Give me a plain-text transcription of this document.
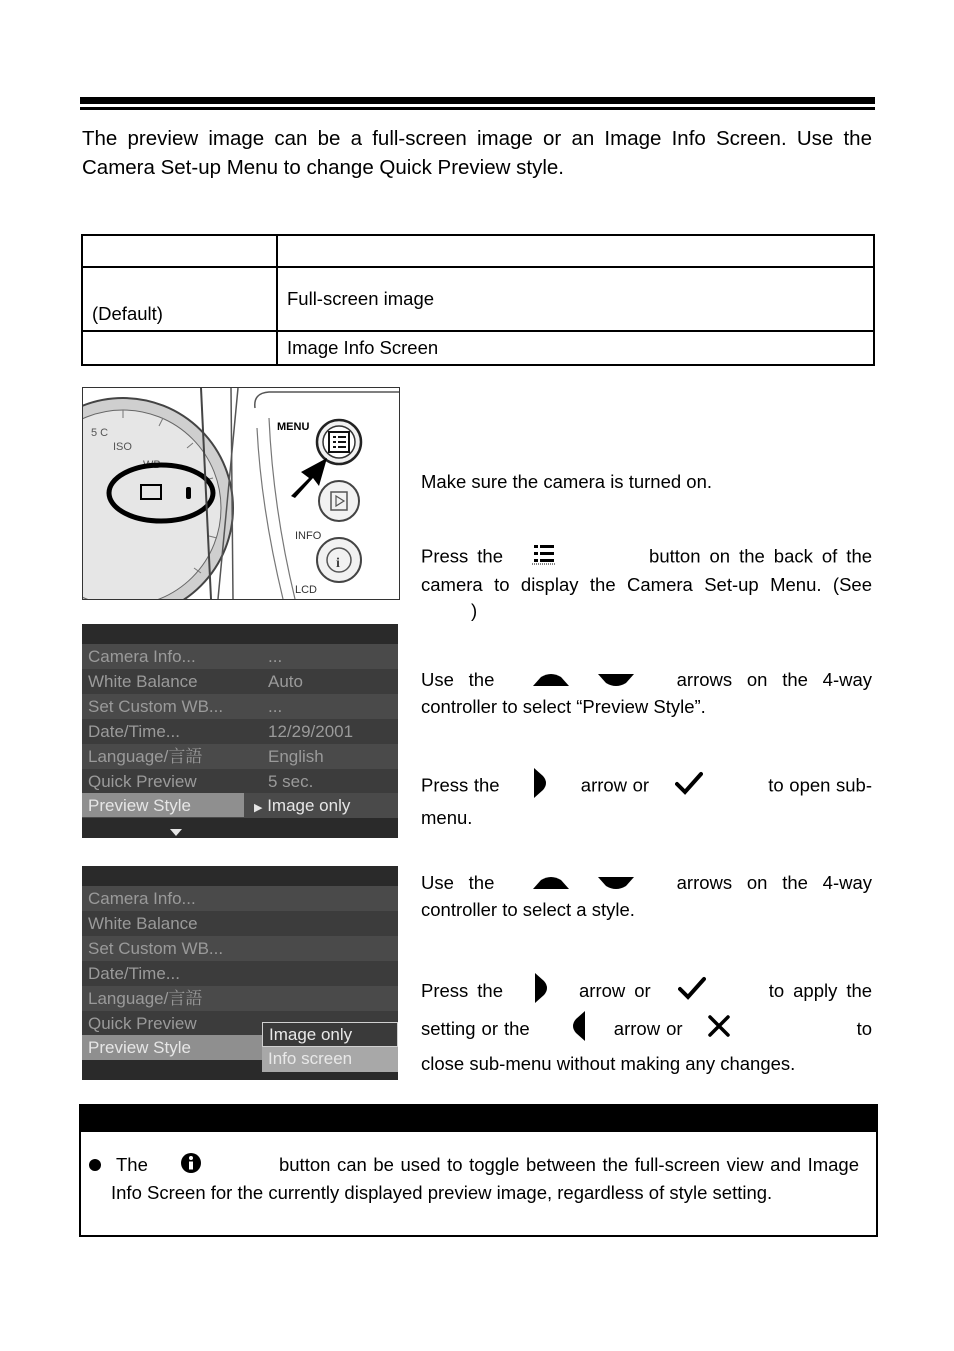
The preview image can be a full-screen image or an Image Info Screen. Use the Camera Set-up Menu to change Quick Preview style.

(Default)	Full-screen image
	Image Info Screen
5 C
ISO
WB
i
MENU
INFO
LCD
Camera Info...	...
White Balance	Auto
Set Custom WB...	...
Date/Time...	12/29/2001
Language/言語	English
Quick Preview	5 sec.
Preview Style	▶ Image only
Camera Info...
White Balance
Set Custom WB...
Date/Time...
Language/言語
Quick Preview
Preview Style
Image only
Info screen
Make sure the camera is turned on.
Press the	button on the back of the camera to display the Camera Set-up Menu. (See)
Use the	arrows on the 4-way controller to select “Preview Style”.
Press the	arrow or	to open sub-menu.
Use the	arrows on the 4-way controller to select a style.
Press the	arrow or	to apply the setting or the	arrow or	to close sub-menu without making any changes.
The	button can be used to toggle between the full-screen view and Image Info Screen for the currently displayed preview image, regardless of style setting.
